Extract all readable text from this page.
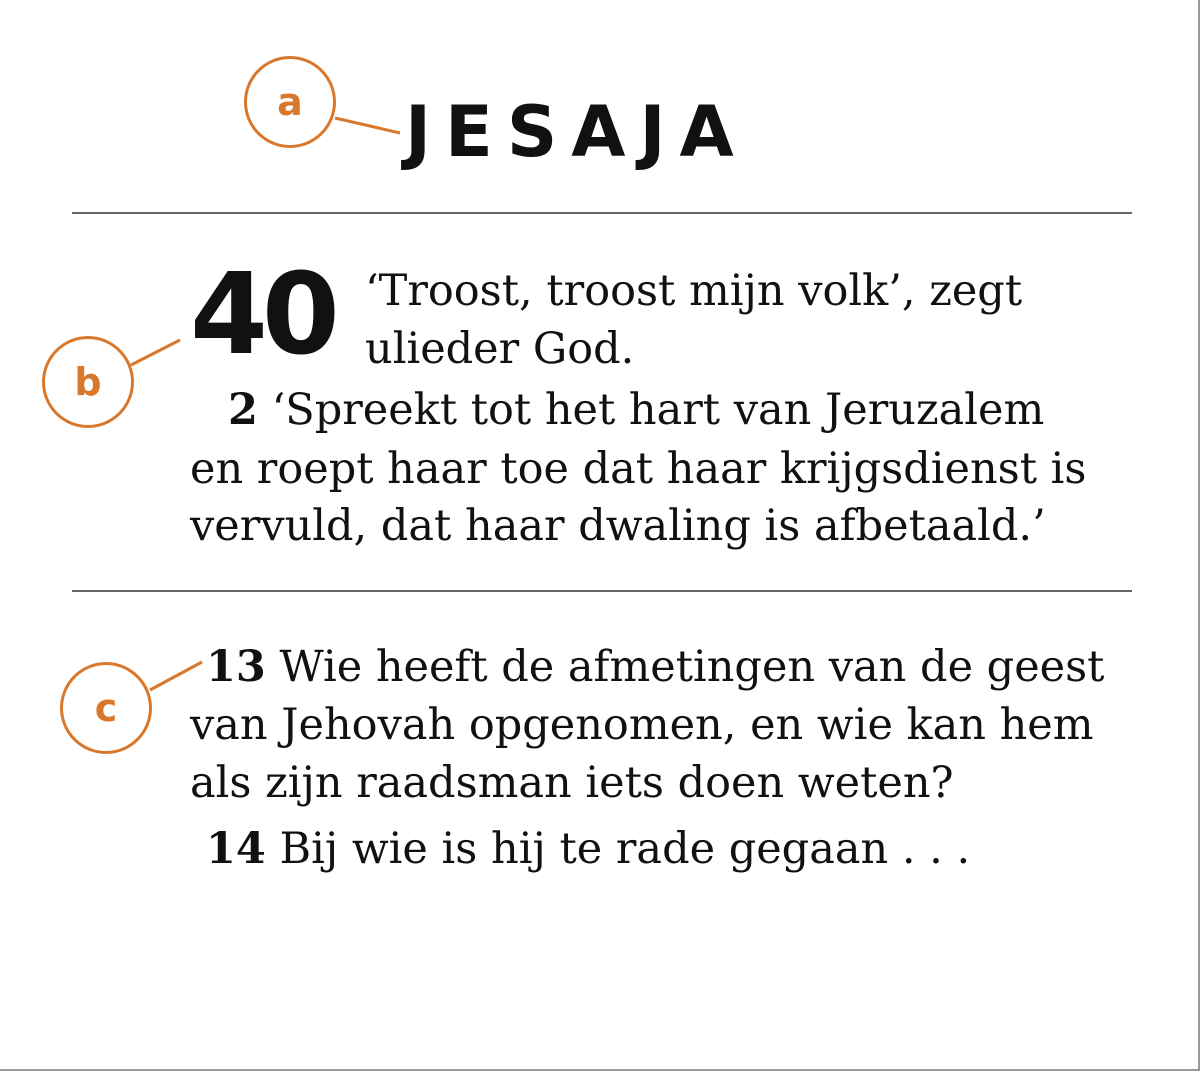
a
b
c
JESAJA
40 ‘Troost, troost mijn volk’, zegt
ulieder God.
2 ‘Spreekt tot het hart van Jeruzalem
en roept haar toe dat haar krijgsdienst is
vervuld, dat haar dwaling is afbetaald.’
13 Wie heeft de afmetingen van de geest
van Jehovah opgenomen, en wie kan hem
als zijn raadsman iets doen weten?
14 Bij wie is hij te rade gegaan . . .
